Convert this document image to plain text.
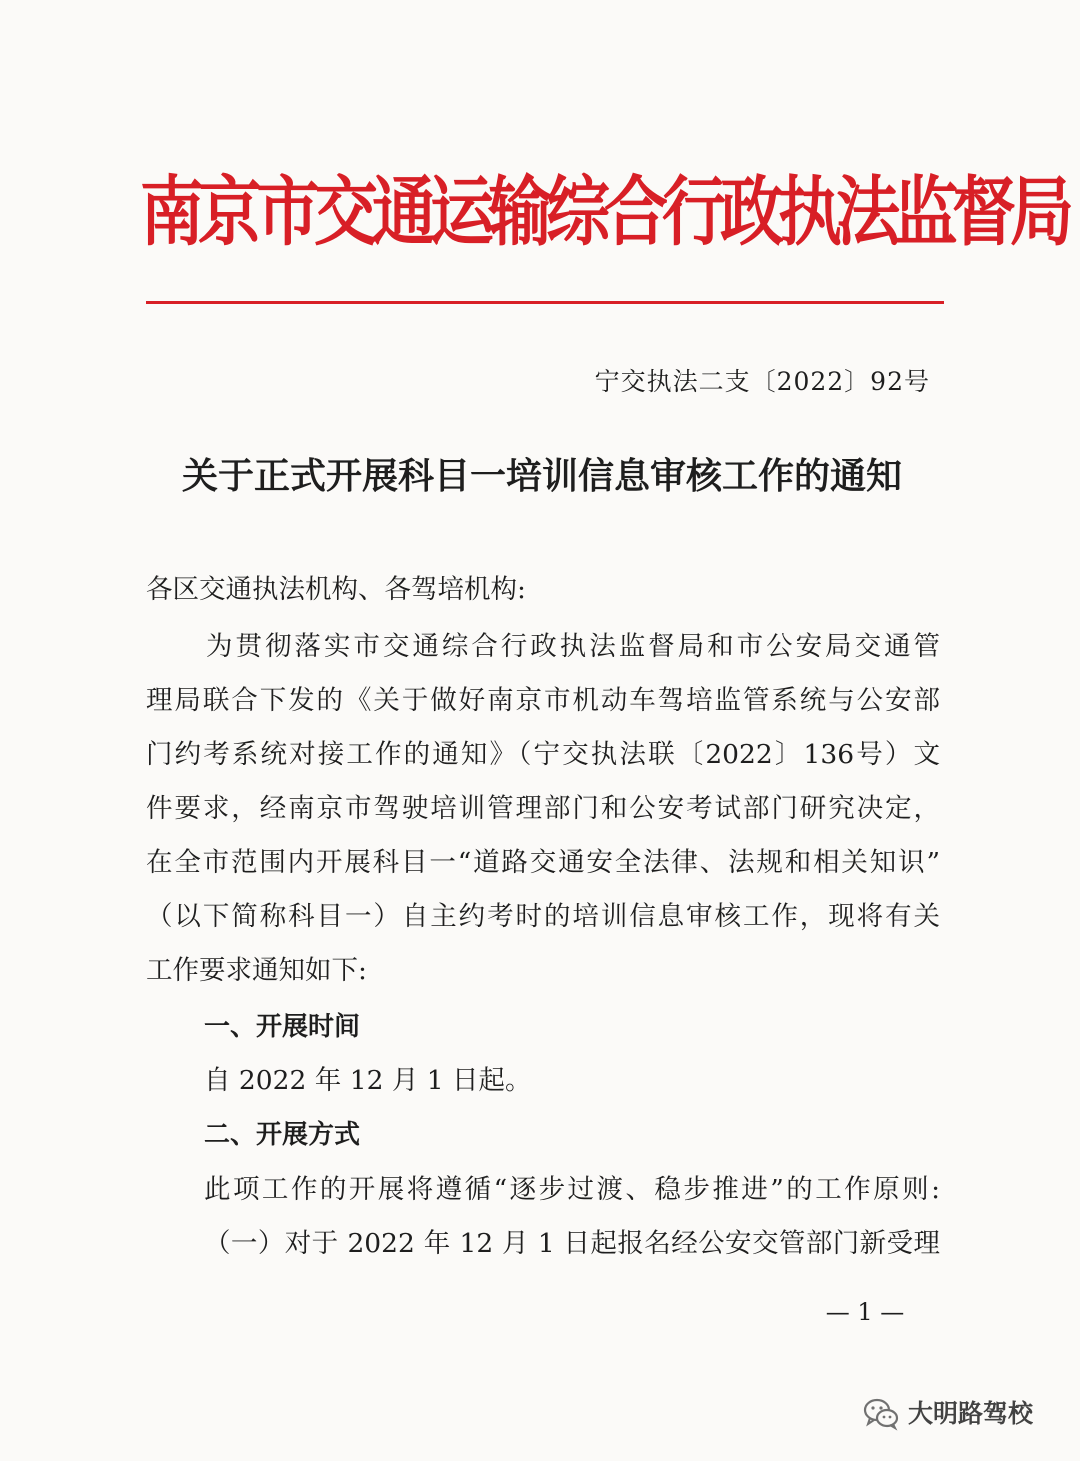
南京市交通运输综合行政执法监督局
宁交执法二支〔2022〕92号
关于正式开展科目一培训信息审核工作的通知
各区交通执法机构、各驾培机构:
为贯彻落实市交通综合行政执法监督局和市公安局交通管
理局联合下发的《关于做好南京市机动车驾培监管系统与公安部
门约考系统对接工作的通知》（宁交执法联〔2022〕136号）文
件要求，经南京市驾驶培训管理部门和公安考试部门研究决定，
在全市范围内开展科目一“道路交通安全法律、法规和相关知识”
（以下简称科目一）自主约考时的培训信息审核工作，现将有关
工作要求通知如下:
一、开展时间
自 2022 年 12 月 1 日起。
二、开展方式
此项工作的开展将遵循“逐步过渡、稳步推进”的工作原则:
（一）对于 2022 年 12 月 1 日起报名经公安交管部门新受理
— 1 —
大明路驾校
